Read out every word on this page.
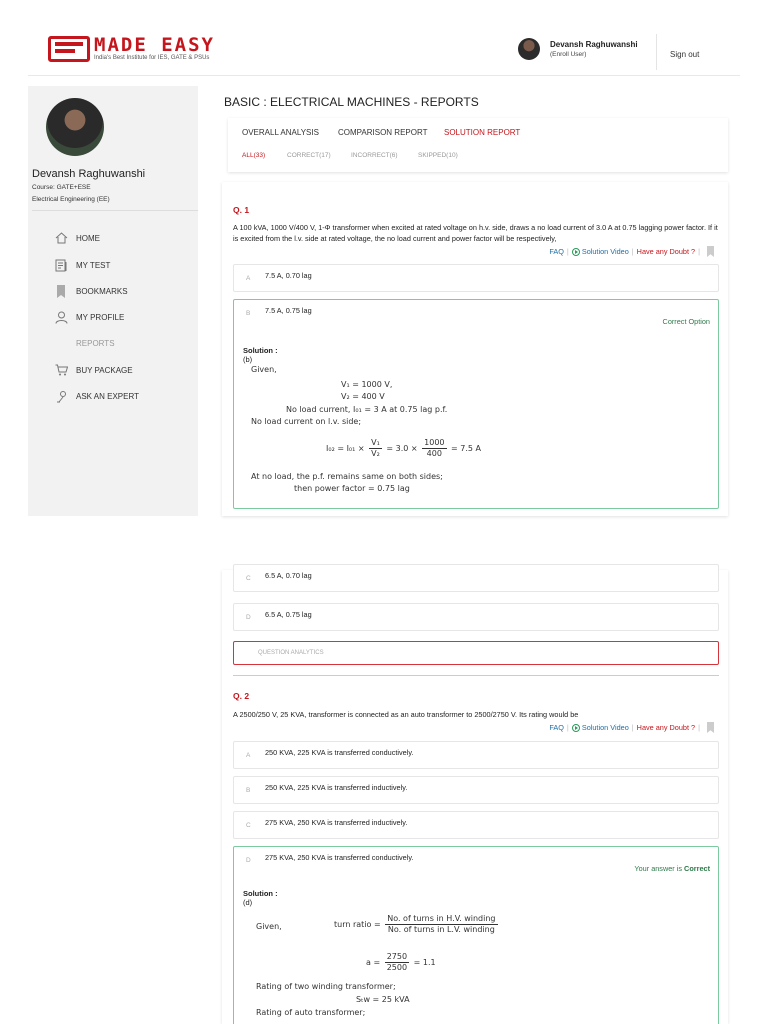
MADE EASY
India's Best Institute for IES, GATE & PSUs
Devansh Raghuwanshi
(Enroll User)	Sign out
Devansh Raghuwanshi
Course: GATE+ESE
Electrical Engineering (EE)
HOME
MY TEST
BOOKMARKS
MY PROFILE
REPORTS
BUY PACKAGE
ASK AN EXPERT
BASIC : ELECTRICAL MACHINES - REPORTS
OVERALL ANALYSIS COMPARISON REPORT SOLUTION REPORT
ALL(33)	CORRECT(17)	INCORRECT(6)	SKIPPED(10)
Q. 1
A 100 kVA, 1000 V/400 V, 1-Φ transformer when excited at rated voltage on h.v. side, draws a no load current of 3.0 A at 0.75 lagging power factor. If it is excited from the l.v. side at rated voltage, the no load current and power factor will be respectively,
FAQ | Solution Video | Have any Doubt ? |
A 7.5 A, 0.70 lag
B 7.5 A, 0.75 lag
Correct Option
Solution :
(b)
Given,
V₁ = 1000 V,
V₂ = 400 V
No load current, I₀₁ = 3 A at 0.75 lag p.f.
No load current on l.v. side;
$I_{02} = I_{01} \times \frac{\text{V₁}}{\text{V₂}} = 3.0 \times \frac{1000}{400} = 7.5$ A
At no load, the p.f. remains same on both sides;
then power factor = 0.75 lag
C 6.5 A, 0.70 lag
D 6.5 A, 0.75 lag
QUESTION ANALYTICS
Q. 2
A 2500/250 V, 25 KVA, transformer is connected as an auto transformer to 2500/2750 V. Its rating would be
FAQ | Solution Video | Have any Doubt ? |
A 250 KVA, 225 KVA is transferred conductively.
B 250 KVA, 225 KVA is transferred inductively.
C 275 KVA, 250 KVA is transferred inductively.
D 275 KVA, 250 KVA is transferred conductively.
Your answer is Correct
Solution :
(d)
Given,	turn ratio = $\frac{\text{No. of turns in H.V. winding}}{\text{No. of turns in L.V. winding}}$
$a = \frac{2750}{2500} = 1.1$
Rating of two winding transformer;
Sₜw = 25 kVA
Rating of auto transformer;
